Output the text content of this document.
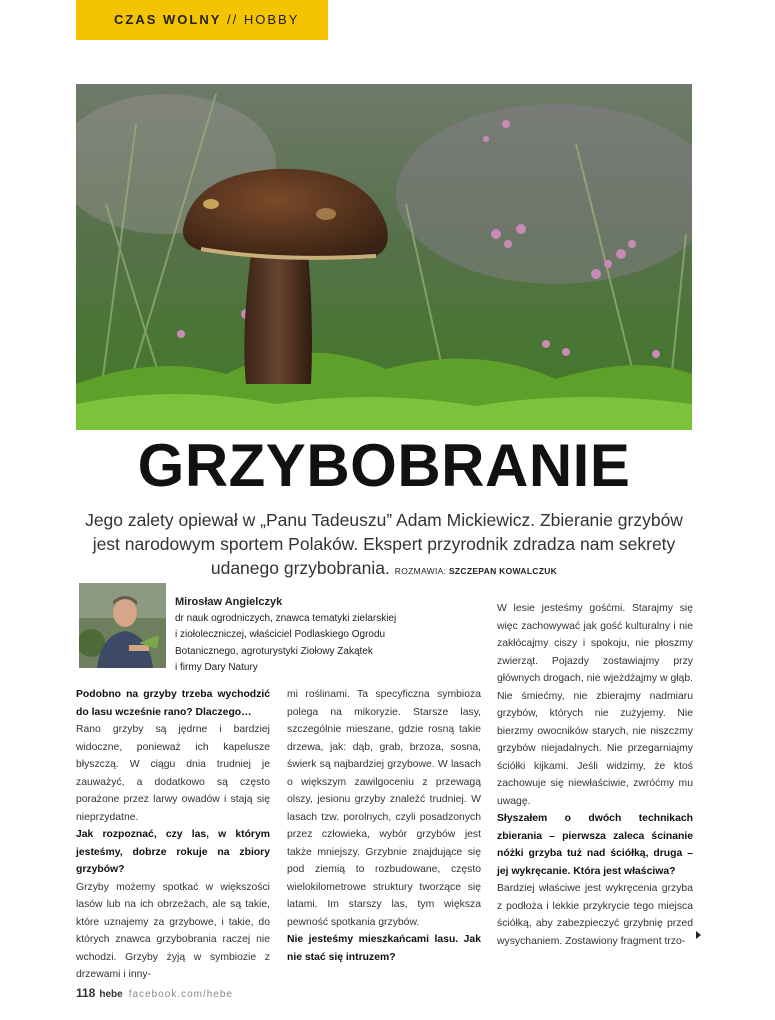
CZAS WOLNY // HOBBY
GRZYBOBRANIE

Jego zalety opiewał w „Panu Tadeuszu” Adam Mickiewicz. Zbieranie grzybów jest narodowym sportem Polaków. Ekspert przyrodnik zdradza nam sekrety udanego grzybobrania. ROZMAWIA: SZCZEPAN KOWALCZUK

Mirosław Angielczyk
dr nauk ogrodniczych, znawca tematyki zielarskiej
i ziołoleczniczej, właściciel Podlaskiego Ogrodu
Botanicznego, agroturystyki Ziołowy Zakątek
i firmy Dary Natury

Podobno na grzyby trzeba wychodzić do lasu wcześnie rano? Dlaczego…

Rano grzyby są jędrne i bardziej widoczne, ponieważ ich kapelusze błyszczą. W ciągu dnia trudniej je zauważyć, a dodatkowo są często porażone przez larwy owadów i stają się nieprzydatne.

Jak rozpoznać, czy las, w którym jesteśmy, dobrze rokuje na zbiory grzybów?

Grzyby możemy spotkać w większości lasów lub na ich obrzeżach, ale są takie, które uznajemy za grzybowe, i takie, do których znawca grzybobrania raczej nie wchodzi. Grzyby żyją w symbiozie z drzewami i inny-

mi roślinami. Ta specyficzna symbioza polega na mikoryzie. Starsze lasy, szczególnie mieszane, gdzie rosną takie drzewa, jak: dąb, grab, brzoza, sosna, świerk są najbardziej grzybowe. W lasach o większym zawilgoceniu z przewagą olszy, jesionu grzyby znaleźć trudniej. W lasach tzw. porolnych, czyli posadzonych przez człowieka, wybór grzybów jest także mniejszy. Grzybnie znajdujące się pod ziemią to rozbudowane, często wielokilometrowe struktury tworzące się latami. Im starszy las, tym większa pewność spotkania grzybów.

Nie jesteśmy mieszkańcami lasu. Jak nie stać się intruzem?

W lesie jesteśmy gośćmi. Starajmy się więc zachowywać jak gość kulturalny i nie zakłócajmy ciszy i spokoju, nie płoszmy zwierząt. Pojazdy zostawiajmy przy głównych drogach, nie wjeżdżajmy w głąb. Nie śmiećmy, nie zbierajmy nadmiaru grzybów, których nie zużyjemy. Nie bierzmy owocników starych, nie niszczmy grzybów niejadalnych. Nie przegarniajmy ściółki kijkami. Jeśli widzimy, że ktoś zachowuje się niewłaściwie, zwróćmy mu uwagę.

Słyszałem o dwóch technikach zbierania – pierwsza zaleca ścinanie nóżki grzyba tuż nad ściółką, druga – jej wykręcanie. Która jest właściwa?

Bardziej właściwe jest wykręcenia grzyba z podłoża i lekkie przykrycie tego miejsca ściółką, aby zabezpieczyć grzybnię przed wysychaniem. Zostawiony fragment trzo-

118 hebe facebook.com/hebe
